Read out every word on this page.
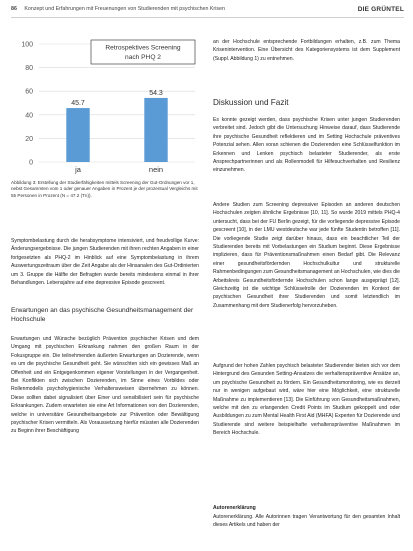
86 Konzept und Erfahrungen mit Freuenungen von Studierenden mit psychischen Krisen	DIE GRÜNTEL
0
20
40
60
80
100
ja	nein
45.7
54.3
Retrospektives Screening
nach PHQ 2
Abbildung 3: Erstellung der Studierfähigkeiten mittels Screening der Gut-Ordnungen vor 1, nebst Gesammten vom 1 oder genauer Angaben in Prozent je der prozentual Vergleichs mit 55 Personen in Prozent (N = 47.2 (Tn)).

Symptombelastung durch die herabsymptome intensiviert, und freudvollige Kurve: Änderungsergebnisse. Die jungen Studierenden mit ihren rechten Angaben in einer fortgesetzten als PHQ-2 im Hinblick auf eine Symptombelastung in ihrem Auswertungszeitraum über die Zeit Angabe als der Hinsanalen des Gut-Ordinierten um 3. Gruppe die Hälfte der Befragten wurde bereits mindestens einmal in ihrer Behandlungen. Lebensjahre auf eine depressive Episode gescreent.

Erwartungen an das psychische Gesundheitsmanagement der Hochschule

Erwartungen und Wünsche bezüglich Prävention psychischer Krisen und dem Umgang mit psychischen Erkrankung nahmen den großen Raum in der Fokusgruppe ein. Die teilnehmenden äußerten Erwartungen an Dozierende, wenn es um die psychische Gesundheit geht. Sie wünschten sich ein gewisses Maß an Offenheit und ein Entgegenkommen eigener Vorstellungen in der Vergangenheit. Bei Konflikten sich zwischen Dozierenden, im Sinne eines Vorbildes oder Rollenmodells psychohygienische Verhaltensweisen übernehmen zu können. Diese sollten dabei signalisiert über Einer und sensibilisiert sein für psychische Erkrankungen. Zudem erwarteten sie eine Art Informationen von den Dozierenden, welche in universitäre Gesundheitsangebote zur Prävention oder Bewältigung psychischer Krisen vermitteln. Als Voraussetzung hierfür müssten alle Dozierenden zu Beginn ihrer Beschäftigung

an der Hochschule entsprechende Fortbildungen erhalten, z.B. zum Thema Krisenintervention. Eine Übersicht des Kategoriensystems ist dem Supplement (Suppl. Abbildung 1) zu entnehmen.

Diskussion und Fazit

Es konnte gezeigt werden, dass psychische Krisen unter jungen Studierenden verbreitet sind. Jedoch gibt die Untersuchung Hinweise darauf, dass Studierende ihre psychische Gesundheit reflektieren und im Setting Hochschule präventives Potenzial sehen. Allen voran schienen die Dozierenden eine Schlüsselfunktion im Erkennen und Lenken psychisch belasteter Studierender, als erste Ansprechpartnerinnen und als Rollenmodell für Hilfesuchverhalten und Resilienz einzunehmen.

Andere Studien zum Screening depressiver Episoden an anderen deutschen Hochschulen zeigten ähnliche Ergebnisse [10, 11]. So wurde 2019 mittels PHQ-4 untersucht, dass bei der FU Berlin gezeigt, für die vorliegende depressive Episode gescreent [10], in der LMU westdeutsche war jede fünfte Studentin betroffen [11]. Die vorliegende Studie zeigt darüber hinaus, dass ein beachtlicher Teil der Studierenden bereits mit Vorbelastungen ein Studium beginnt. Diese Ergebnisse implizieren, dass für Präventionsmaßnahmen einen Bedarf gibt. Die Relevanz einer gesundheitsfördernden Hochschulkultur und strukturelle Rahmenbedingungen zum Gesundheitsmanagement an Hochschulen, wie dies die Arbeitskreis Gesundheitsfördernde Hochschulen schon lange ausgeprägt [12]. Gleichzeitig ist die wichtige Schlüsselrolle der Dozierenden im Kontext der psychischen Gesundheit ihrer Studierenden und somit letztendlich im Zusammenhang mit dem Studienerfolg hervorzuheben.

Aufgrund der hohen Zahlen psychisch belasteter Studierender bieten sich vor dem Hintergrund des Gesunden Setting-Ansatzes die verhaltenspräventive Ansätze an, um psychische Gesundheit zu fördern. Ein Gesundheitsmonitoring, wie es derzeit nur in wenigen aufgebaut wird, wäre hier eine Möglichkeit, eine strukturelle Maßnahme zu implementieren [13]. Die Einführung von Gesundheitsmaßnahmen, welche mit den zu erlangenden Credit Points im Studium gekoppelt und oder Ausbildungen zu zum Mental Health First Aid (MHFA) Experten für Dozierende und Studierende sind weitere beispielhafte verhaltenspräventive Maßnahmen im Bereich Hochschule.

Autorenerklärung

Autorenerklärung. Alle Autorinnen tragen Verantwortung für den gesamten Inhalt dieses Artikels und haben der
